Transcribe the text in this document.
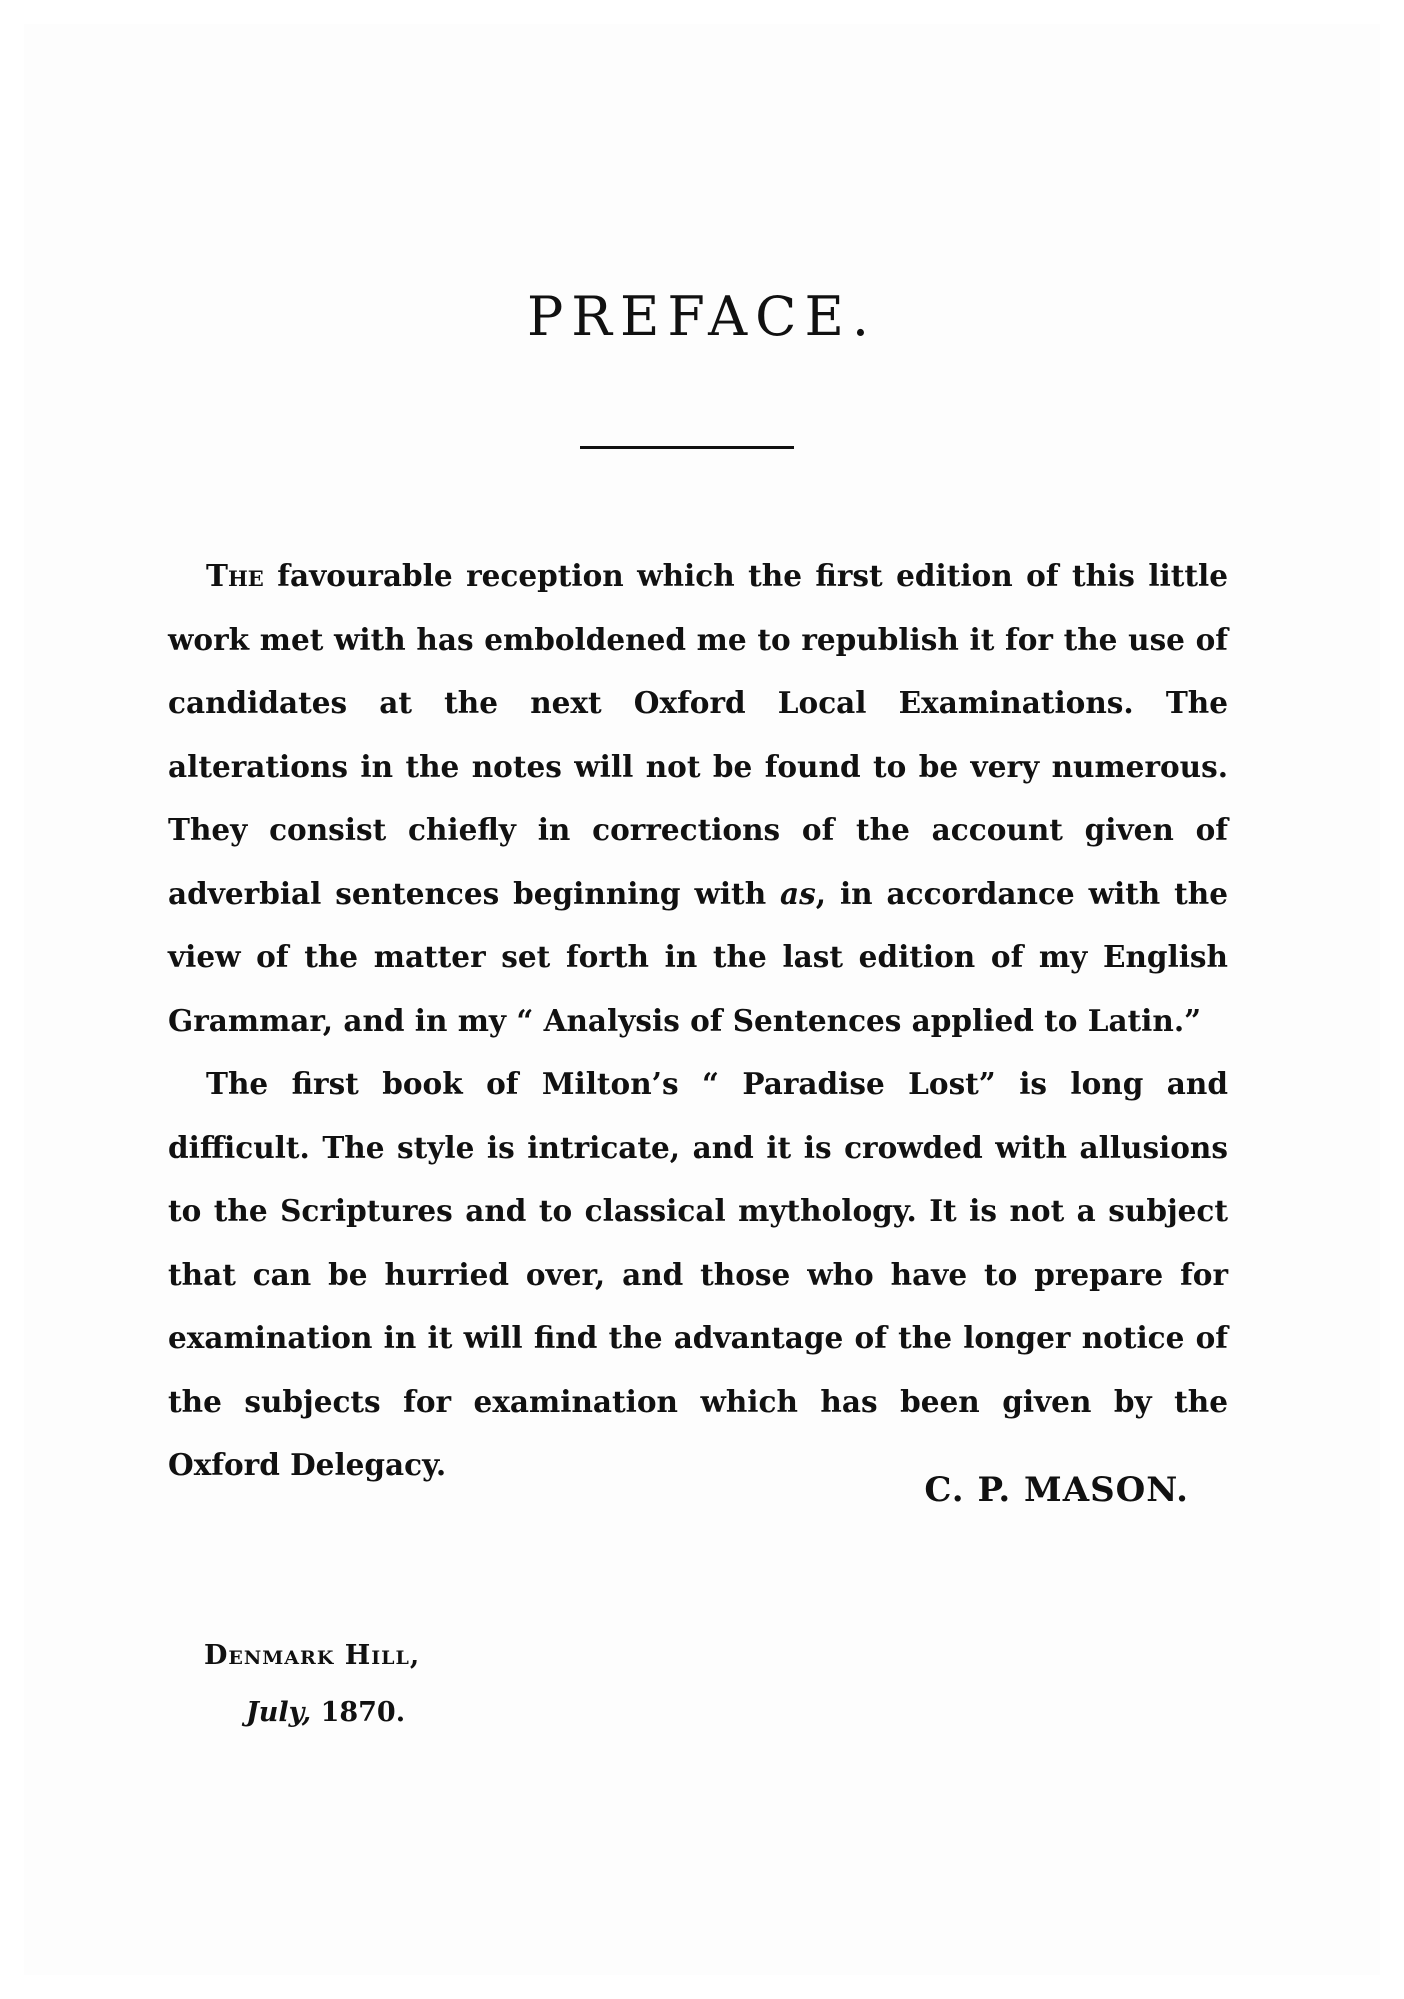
PREFACE.

The favourable reception which the first edition of this little work met with has emboldened me to republish it for the use of candidates at the next Oxford Local Examinations. The alterations in the notes will not be found to be very numerous. They consist chiefly in corrections of the account given of adverbial sentences beginning with as, in accordance with the view of the matter set forth in the last edition of my English Grammar, and in my “ Analysis of Sentences applied to Latin.”

The first book of Milton’s “ Paradise Lost” is long and difficult. The style is intricate, and it is crowded with allusions to the Scriptures and to classical mythology. It is not a subject that can be hurried over, and those who have to prepare for examination in it will find the advantage of the longer notice of the subjects for examination which has been given by the Oxford Delegacy.

C. P. MASON.

Denmark Hill,

July, 1870.
